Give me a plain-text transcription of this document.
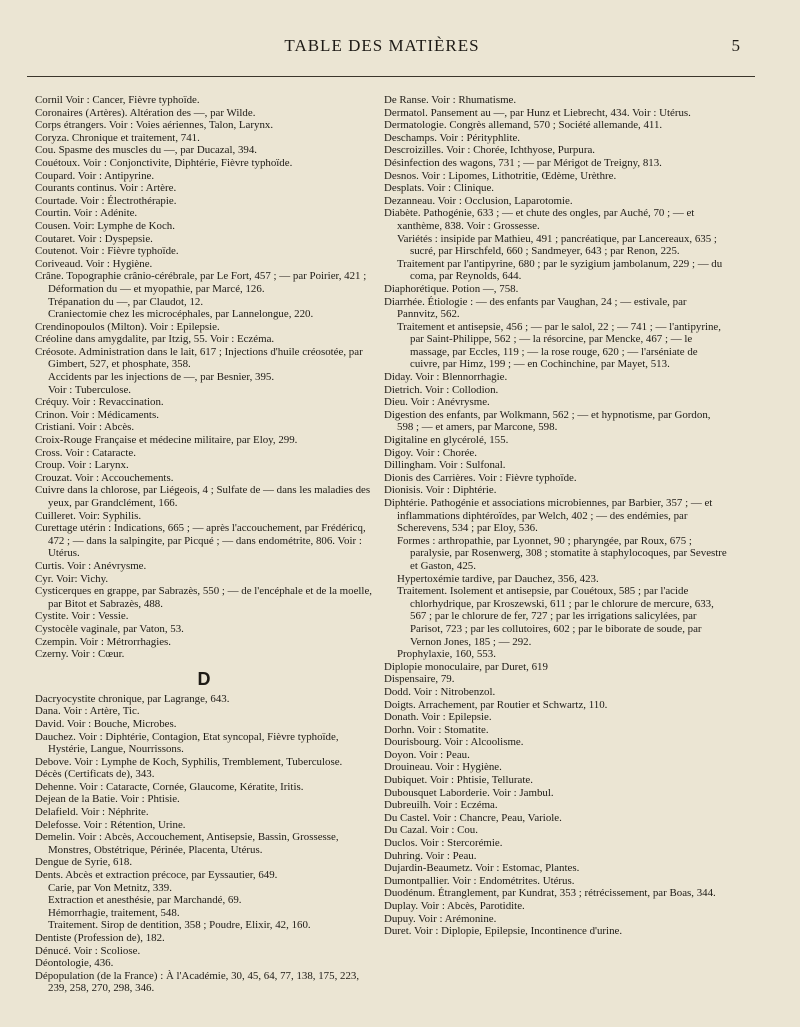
TABLE DES MATIÈRES	5

Cornil Voir : Cancer, Fièvre typhoïde.

Coronaires (Artères). Altération des —, par Wilde.

Corps étrangers. Voir : Voies aériennes, Talon, Larynx.

Coryza. Chronique et traitement, 741.

Cou. Spasme des muscles du —, par Ducazal, 394.

Couétoux. Voir : Conjonctivite, Diphtérie, Fièvre typhoïde.

Coupard. Voir : Antipyrine.

Courants continus. Voir : Artère.

Courtade. Voir : Électrothérapie.

Courtin. Voir : Adénite.

Cousen. Voir: Lymphe de Koch.

Coutaret. Voir : Dyspepsie.

Coutenot. Voir : Fièvre typhoïde.

Coriveaud. Voir : Hygiène.

Crâne. Topographie crânio-cérébrale, par Le Fort, 457 ; — par Poirier, 421 ; Déformation du — et myopathie, par Marcé, 126.

Trépanation du —, par Claudot, 12.

Craniectomie chez les microcéphales, par Lannelongue, 220.

Crendinopoulos (Milton). Voir : Epilepsie.

Créoline dans amygdalite, par Itzig, 55. Voir : Eczéma.

Créosote. Administration dans le lait, 617 ; Injections d'huile créosotée, par Gimbert, 527, et phosphate, 358.

Accidents par les injections de —, par Besnier, 395.

Voir : Tuberculose.

Créquy. Voir : Revaccination.

Crinon. Voir : Médicaments.

Cristiani. Voir : Abcès.

Croix-Rouge Française et médecine militaire, par Eloy, 299.

Cross. Voir : Cataracte.

Croup. Voir : Larynx.

Crouzat. Voir : Accouchements.

Cuivre dans la chlorose, par Liégeois, 4 ; Sulfate de — dans les maladies des yeux, par Grandclément, 166.

Cuilleret. Voir: Syphilis.

Curettage utérin : Indications, 665 ; — après l'accouchement, par Frédéricq, 472 ; — dans la salpingite, par Picqué ; — dans endométrite, 806. Voir : Utérus.

Curtis. Voir : Anévrysme.

Cyr. Voir: Vichy.

Cysticerques en grappe, par Sabrazès, 550 ; — de l'encéphale et de la moelle, par Bitot et Sabrazès, 488.

Cystite. Voir : Vessie.

Cystocèle vaginale, par Vaton, 53.

Czempin. Voir : Métrorrhagies.

Czerny. Voir : Cœur.

D

Dacryocystite chronique, par Lagrange, 643.

Dana. Voir : Artère, Tic.

David. Voir : Bouche, Microbes.

Dauchez. Voir : Diphtérie, Contagion, Etat syncopal, Fièvre typhoïde, Hystérie, Langue, Nourrissons.

Debove. Voir : Lymphe de Koch, Syphilis, Tremblement, Tuberculose.

Décès (Certificats de), 343.

Dehenne. Voir : Cataracte, Cornée, Glaucome, Kératite, Iritis.

Dejean de la Batie. Voir : Phtisie.

Delafield. Voir : Néphrite.

Delefosse. Voir : Rétention, Urine.

Demelin. Voir : Abcès, Accouchement, Antisepsie, Bassin, Grossesse, Monstres, Obstétrique, Périnée, Placenta, Utérus.

Dengue de Syrie, 618.

Dents. Abcès et extraction précoce, par Eyssautier, 649.

Carie, par Von Metnitz, 339.

Extraction et anesthésie, par Marchandé, 69.

Hémorrhagie, traitement, 548.

Traitement. Sirop de dentition, 358 ; Poudre, Elixir, 42, 160.

Dentiste (Profession de), 182.

Dénucé. Voir : Scoliose.

Déontologie, 436.

Dépopulation (de la France) : À l'Académie, 30, 45, 64, 77, 138, 175, 223, 239, 258, 270, 298, 346.

De Ranse. Voir : Rhumatisme.

Dermatol. Pansement au —, par Hunz et Liebrecht, 434. Voir : Utérus.

Dermatologie. Congrès allemand, 570 ; Société allemande, 411.

Deschamps. Voir : Pérityphlite.

Descroizilles. Voir : Chorée, Ichthyose, Purpura.

Désinfection des wagons, 731 ; — par Mérigot de Treigny, 813.

Desnos. Voir : Lipomes, Lithotritie, Œdème, Urèthre.

Desplats. Voir : Clinique.

Dezanneau. Voir : Occlusion, Laparotomie.

Diabète. Pathogénie, 633 ; — et chute des ongles, par Auché, 70 ; — et xanthème, 838. Voir : Grossesse.

Variétés : insipide par Mathieu, 491 ; pancréatique, par Lancereaux, 635 ; sucré, par Hirschfeld, 660 ; Sandmeyer, 643 ; par Renon, 225.

Traitement par l'antipyrine, 680 ; par le syzigium jambolanum, 229 ; — du coma, par Reynolds, 644.

Diaphorétique. Potion —, 758.

Diarrhée. Étiologie : — des enfants par Vaughan, 24 ; — estivale, par Pannvitz, 562.

Traitement et antisepsie, 456 ; — par le salol, 22 ; — 741 ; — l'antipyrine, par Saint-Philippe, 562 ; — la résorcine, par Mencke, 467 ; — le massage, par Eccles, 119 ; — la rose rouge, 620 ; — l'arséniate de cuivre, par Himz, 199 ; — en Cochinchine, par Mayet, 513.

Diday. Voir : Blennorrhagie.

Dietrich. Voir : Collodion.

Dieu. Voir : Anévrysme.

Digestion des enfants, par Wolkmann, 562 ; — et hypnotisme, par Gordon, 598 ; — et amers, par Marcone, 598.

Digitaline en glycérolé, 155.

Digoy. Voir : Chorée.

Dillingham. Voir : Sulfonal.

Dionis des Carrières. Voir : Fièvre typhoïde.

Dionisis. Voir : Diphtérie.

Diphtérie. Pathogénie et associations microbiennes, par Barbier, 357 ; — et inflammations diphtéroïdes, par Welch, 402 ; — des endémies, par Scherevens, 534 ; par Eloy, 536.

Formes : arthropathie, par Lyonnet, 90 ; pharyngée, par Roux, 675 ; paralysie, par Rosenwerg, 308 ; stomatite à staphylocoques, par Sevestre et Gaston, 425.

Hypertoxémie tardive, par Dauchez, 356, 423.

Traitement. Isolement et antisepsie, par Couétoux, 585 ; par l'acide chlorhydrique, par Kroszewski, 611 ; par le chlorure de mercure, 633, 567 ; par le chlorure de fer, 727 ; par les irrigations salicylées, par Parisot, 723 ; par les collutoires, 602 ; par le biborate de soude, par Vernon Jones, 185 ; — 292.

Prophylaxie, 160, 553.

Diplopie monoculaire, par Duret, 619

Dispensaire, 79.

Dodd. Voir : Nitrobenzol.

Doigts. Arrachement, par Routier et Schwartz, 110.

Donath. Voir : Epilepsie.

Dorhn. Voir : Stomatite.

Dourisbourg. Voir : Alcoolisme.

Doyon. Voir : Peau.

Drouineau. Voir : Hygiène.

Dubiquet. Voir : Phtisie, Tellurate.

Dubousquet Laborderie. Voir : Jambul.

Dubreuilh. Voir : Eczéma.

Du Castel. Voir : Chancre, Peau, Variole.

Du Cazal. Voir : Cou.

Duclos. Voir : Stercorémie.

Duhring. Voir : Peau.

Dujardin-Beaumetz. Voir : Estomac, Plantes.

Dumontpallier. Voir : Endométrites. Utérus.

Duodénum. Étranglement, par Kundrat, 353 ; rétrécissement, par Boas, 344.

Duplay. Voir : Abcès, Parotidite.

Dupuy. Voir : Arémonine.

Duret. Voir : Diplopie, Epilepsie, Incontinence d'urine.
